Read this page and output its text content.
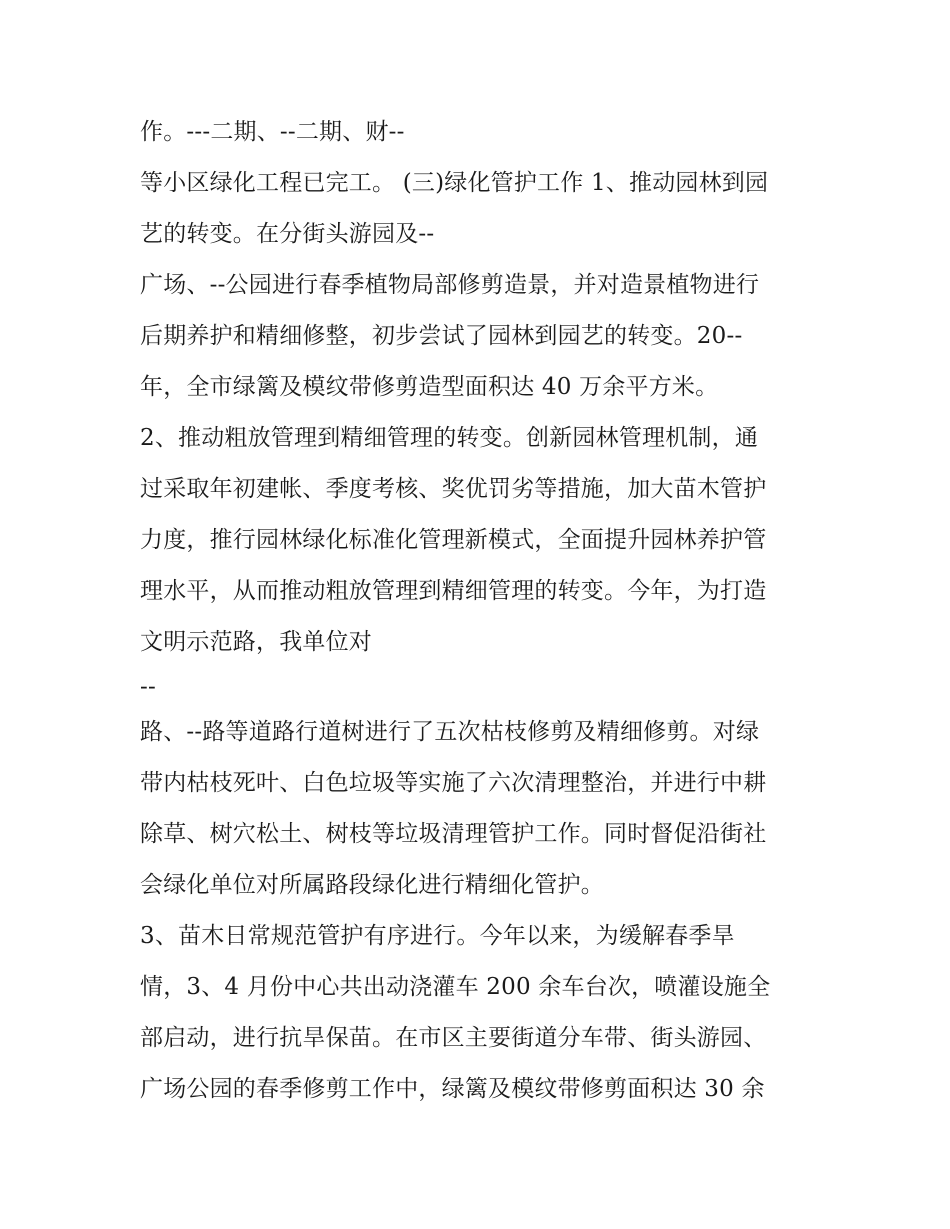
作。---二期、--二期、财--
等小区绿化工程已完工。 (三)绿化管护工作 1、推动园林到园
艺的转变。在分街头游园及--
广场、--公园进行春季植物局部修剪造景，并对造景植物进行
后期养护和精细修整，初步尝试了园林到园艺的转变。20--
年，全市绿篱及模纹带修剪造型面积达 40 万余平方米。
2、推动粗放管理到精细管理的转变。创新园林管理机制，通
过采取年初建帐、季度考核、奖优罚劣等措施，加大苗木管护
力度，推行园林绿化标准化管理新模式，全面提升园林养护管
理水平，从而推动粗放管理到精细管理的转变。今年，为打造
文明示范路，我单位对
--
路、--路等道路行道树进行了五次枯枝修剪及精细修剪。对绿
带内枯枝死叶、白色垃圾等实施了六次清理整治，并进行中耕
除草、树穴松土、树枝等垃圾清理管护工作。同时督促沿街社
会绿化单位对所属路段绿化进行精细化管护。
3、苗木日常规范管护有序进行。今年以来，为缓解春季旱
情，3、4 月份中心共出动浇灌车 200 余车台次，喷灌设施全
部启动，进行抗旱保苗。在市区主要街道分车带、街头游园、
广场公园的春季修剪工作中，绿篱及模纹带修剪面积达 30 余
